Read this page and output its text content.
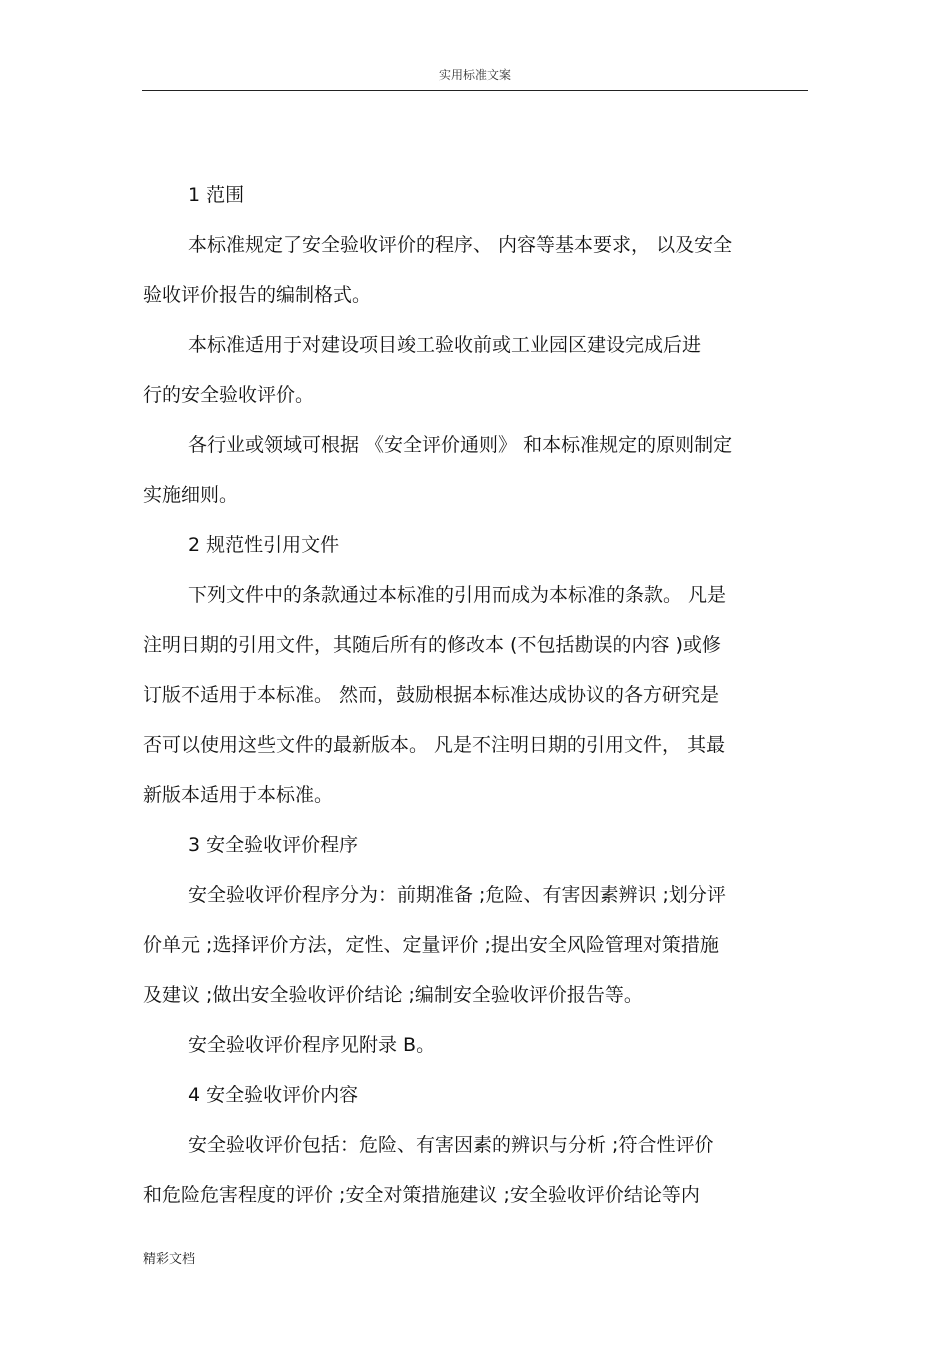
实用标准文案
1 范围
本标准规定了安全验收评价的程序、 内容等基本要求， 以及安全
验收评价报告的编制格式。
本标准适用于对建设项目竣工验收前或工业园区建设完成后进
行的安全验收评价。
各行业或领域可根据 《安全评价通则》 和本标准规定的原则制定
实施细则。
2 规范性引用文件
下列文件中的条款通过本标准的引用而成为本标准的条款。 凡是
注明日期的引用文件，其随后所有的修改本 (不包括勘误的内容 )或修
订版不适用于本标准。 然而，鼓励根据本标准达成协议的各方研究是
否可以使用这些文件的最新版本。 凡是不注明日期的引用文件， 其最
新版本适用于本标准。
3 安全验收评价程序
安全验收评价程序分为：前期准备 ;危险、有害因素辨识 ;划分评
价单元 ;选择评价方法，定性、定量评价 ;提出安全风险管理对策措施
及建议 ;做出安全验收评价结论 ;编制安全验收评价报告等。
安全验收评价程序见附录 B。
4 安全验收评价内容
安全验收评价包括：危险、有害因素的辨识与分析 ;符合性评价
和危险危害程度的评价 ;安全对策措施建议 ;安全验收评价结论等内
精彩文档
